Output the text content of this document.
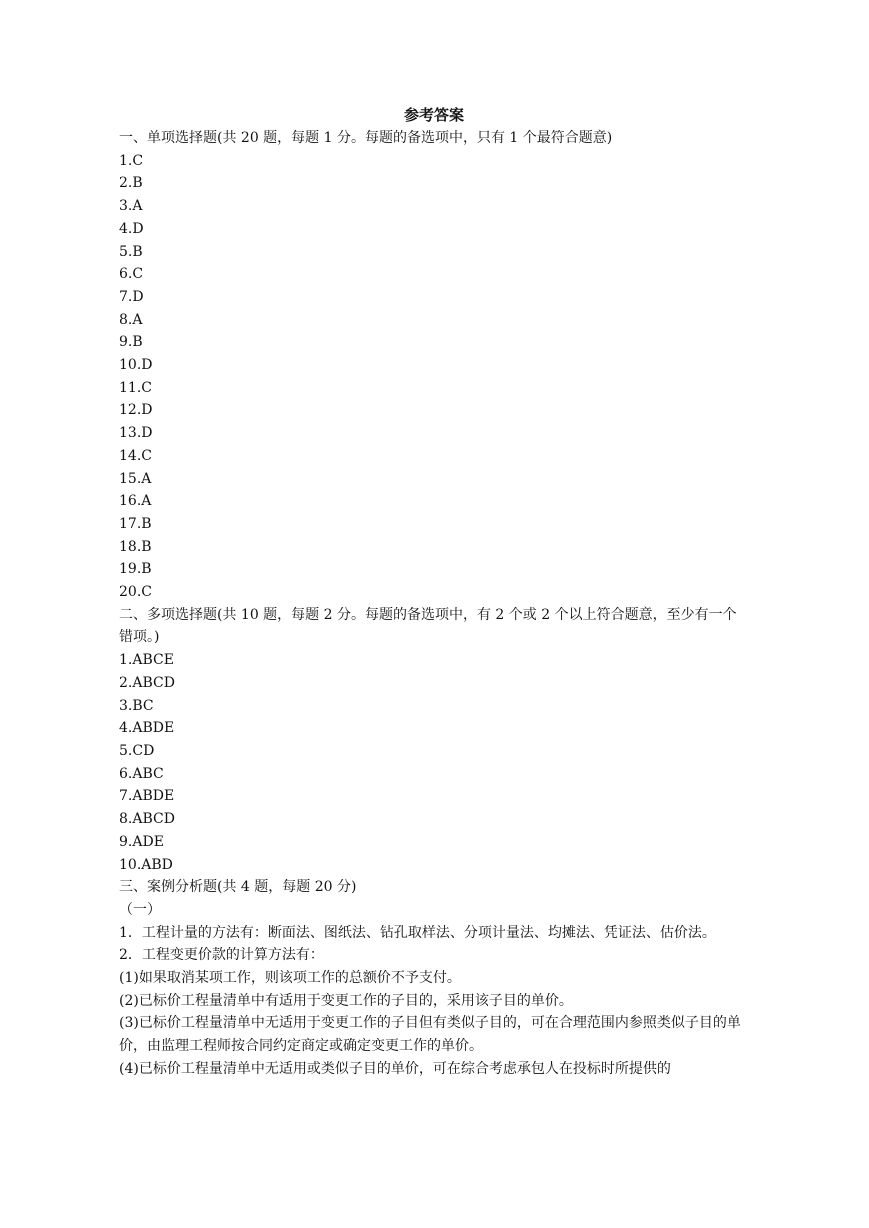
参考答案
一、单项选择题(共 20 题，每题 1 分。每题的备选项中，只有 1 个最符合题意)
1.C
2.B
3.A
4.D
5.B
6.C
7.D
8.A
9.B
10.D
11.C
12.D
13.D
14.C
15.A
16.A
17.B
18.B
19.B
20.C
二、多项选择题(共 10 题，每题 2 分。每题的备选项中，有 2 个或 2 个以上符合题意，至少有一个错项。)
1.ABCE
2.ABCD
3.BC
4.ABDE
5.CD
6.ABC
7.ABDE
8.ABCD
9.ADE
10.ABD
三、案例分析题(共 4 题，每题 20 分)
（一）
1．工程计量的方法有：断面法、图纸法、钻孔取样法、分项计量法、均摊法、凭证法、估价法。
2．工程变更价款的计算方法有：
(1)如果取消某项工作，则该项工作的总额价不予支付。
(2)已标价工程量清单中有适用于变更工作的子目的，采用该子目的单价。
(3)已标价工程量清单中无适用于变更工作的子目但有类似子目的，可在合理范围内参照类似子目的单价，由监理工程师按合同约定商定或确定变更工作的单价。
(4)已标价工程量清单中无适用或类似子目的单价，可在综合考虑承包人在投标时所提供的
